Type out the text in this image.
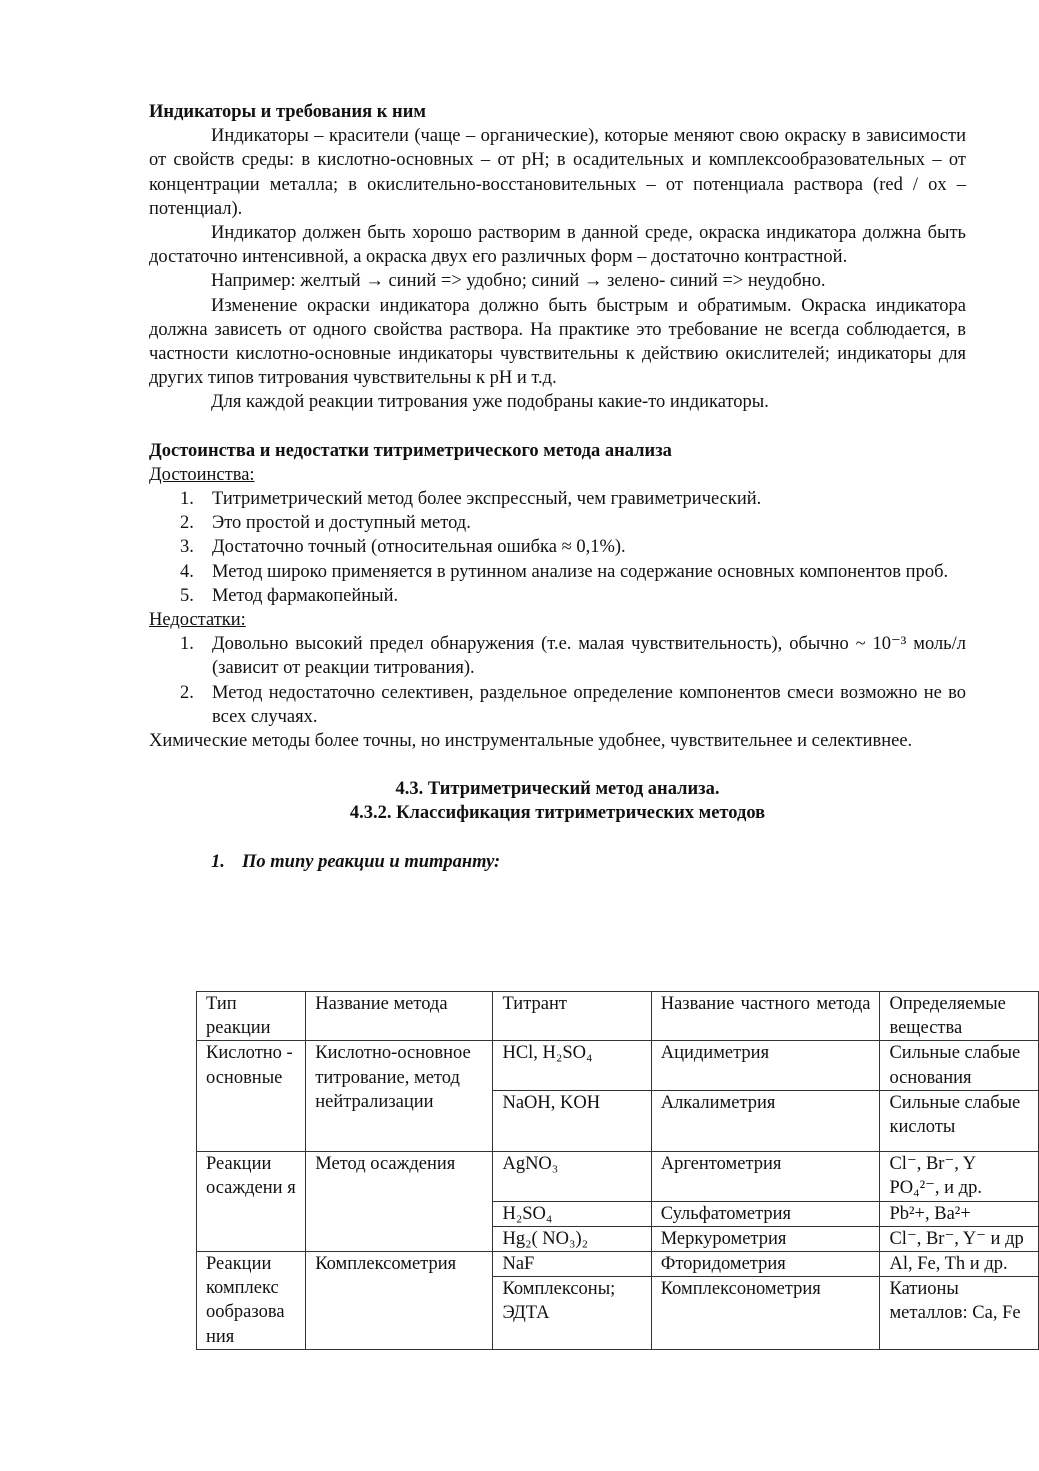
Индикаторы и требования к ним

Индикаторы – красители (чаще – органические), которые меняют свою окраску в зависимости от свойств среды: в кислотно-основных – от pH; в осадительных и комплексообразовательных – от концентрации металла; в окислительно-восстановительных – от потенциала раствора (red / ox – потенциал).

Индикатор должен быть хорошо растворим в данной среде, окраска индикатора должна быть достаточно интенсивной, а окраска двух его различных форм – достаточно контрастной.

Например: желтый → синий => удобно; синий → зелено- синий => неудобно.

Изменение окраски индикатора должно быть быстрым и обратимым. Окраска индикатора должна зависеть от одного свойства раствора. На практике это требование не всегда соблюдается, в частности кислотно-основные индикаторы чувствительны к действию окислителей; индикаторы для других типов титрования чувствительны к pH и т.д.

Для каждой реакции титрования уже подобраны какие-то индикаторы.

Достоинства и недостатки титриметрического метода анализа

Достоинства:

1. Титриметрический метод более экспрессный, чем гравиметрический.
2. Это простой и доступный метод.
3. Достаточно точный (относительная ошибка ≈ 0,1%).
4. Метод широко применяется в рутинном анализе на содержание основных компонентов проб.
5. Метод фармакопейный.

Недостатки:

1. Довольно высокий предел обнаружения (т.е. малая чувствительность), обычно ~ 10⁻³ моль/л (зависит от реакции титрования).
2. Метод недостаточно селективен, раздельное определение компонентов смеси возможно не во всех случаях.

Химические методы более точны, но инструментальные удобнее, чувствительнее и селективнее.

4.3. Титриметрический метод анализа.

4.3.2. Классификация титриметрических методов

1. По типу реакции и титранту:

Тип реакции	Название метода	Титрант	Название частного метода	Определяемые вещества
Кислотно - основные	Кислотно-основное титрование, метод нейтрализации	HCl, H₂SO₄	Ацидиметрия	Сильные слабые основания
		NaOH, KOH	Алкалиметрия	Сильные слабые кислоты
Реакции осаждени я	Метод осаждения	AgNO₃	Аргентометрия	Cl⁻, Br⁻, Y PO₄²⁻, и др.
		H₂SO₄	Сульфатометрия	Pb²+, Ba²+
		Hg₂( NO₃)₂	Меркурометрия	Cl⁻, Br⁻, Y⁻ и др
Реакции комплекс ообразова ния	Комплексометрия	NaF	Фторидометрия	Al, Fe, Th и др.
		Комплексоны; ЭДТА	Комплексонометрия	Катионы металлов: Ca, Fe
